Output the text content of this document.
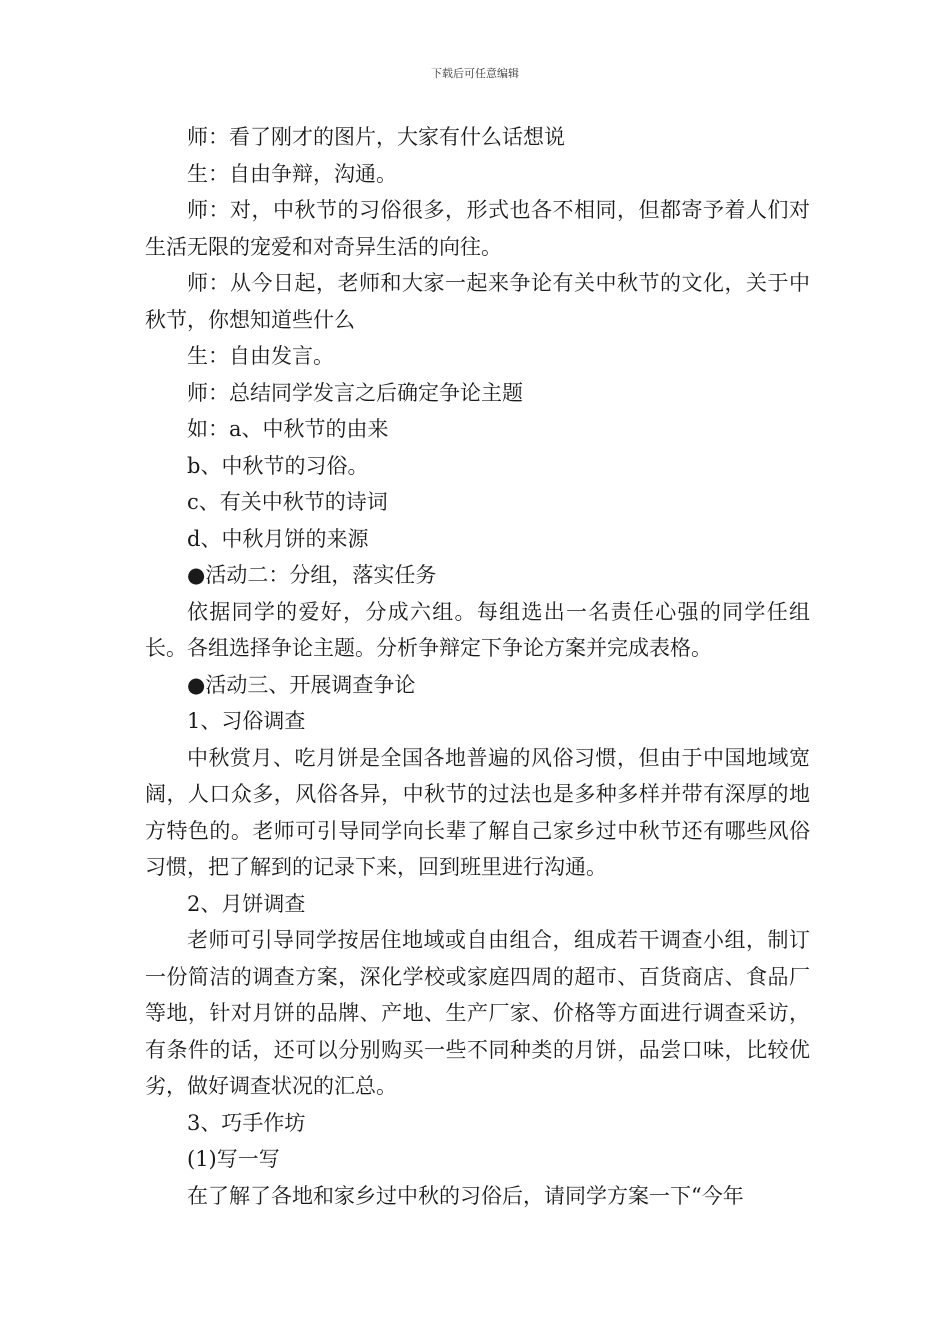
下载后可任意编辑

师：看了刚才的图片，大家有什么话想说

生：自由争辩，沟通。

师：对，中秋节的习俗很多，形式也各不相同，但都寄予着人们对生活无限的宠爱和对奇异生活的向往。

师：从今日起，老师和大家一起来争论有关中秋节的文化，关于中秋节，你想知道些什么

生：自由发言。

师：总结同学发言之后确定争论主题

如：a、中秋节的由来

b、中秋节的习俗。

c、有关中秋节的诗词

d、中秋月饼的来源

●活动二：分组，落实任务

依据同学的爱好，分成六组。每组选出一名责任心强的同学任组长。各组选择争论主题。分析争辩定下争论方案并完成表格。

●活动三、开展调查争论

1、习俗调查

中秋赏月、吃月饼是全国各地普遍的风俗习惯，但由于中国地域宽阔，人口众多，风俗各异，中秋节的过法也是多种多样并带有深厚的地方特色的。老师可引导同学向长辈了解自己家乡过中秋节还有哪些风俗习惯，把了解到的记录下来，回到班里进行沟通。

2、月饼调查

老师可引导同学按居住地域或自由组合，组成若干调查小组，制订一份简洁的调查方案，深化学校或家庭四周的超市、百货商店、食品厂等地，针对月饼的品牌、产地、生产厂家、价格等方面进行调查采访，有条件的话，还可以分别购买一些不同种类的月饼，品尝口味，比较优劣，做好调查状况的汇总。

3、巧手作坊

(1)写一写

在了解了各地和家乡过中秋的习俗后，请同学方案一下“今年
